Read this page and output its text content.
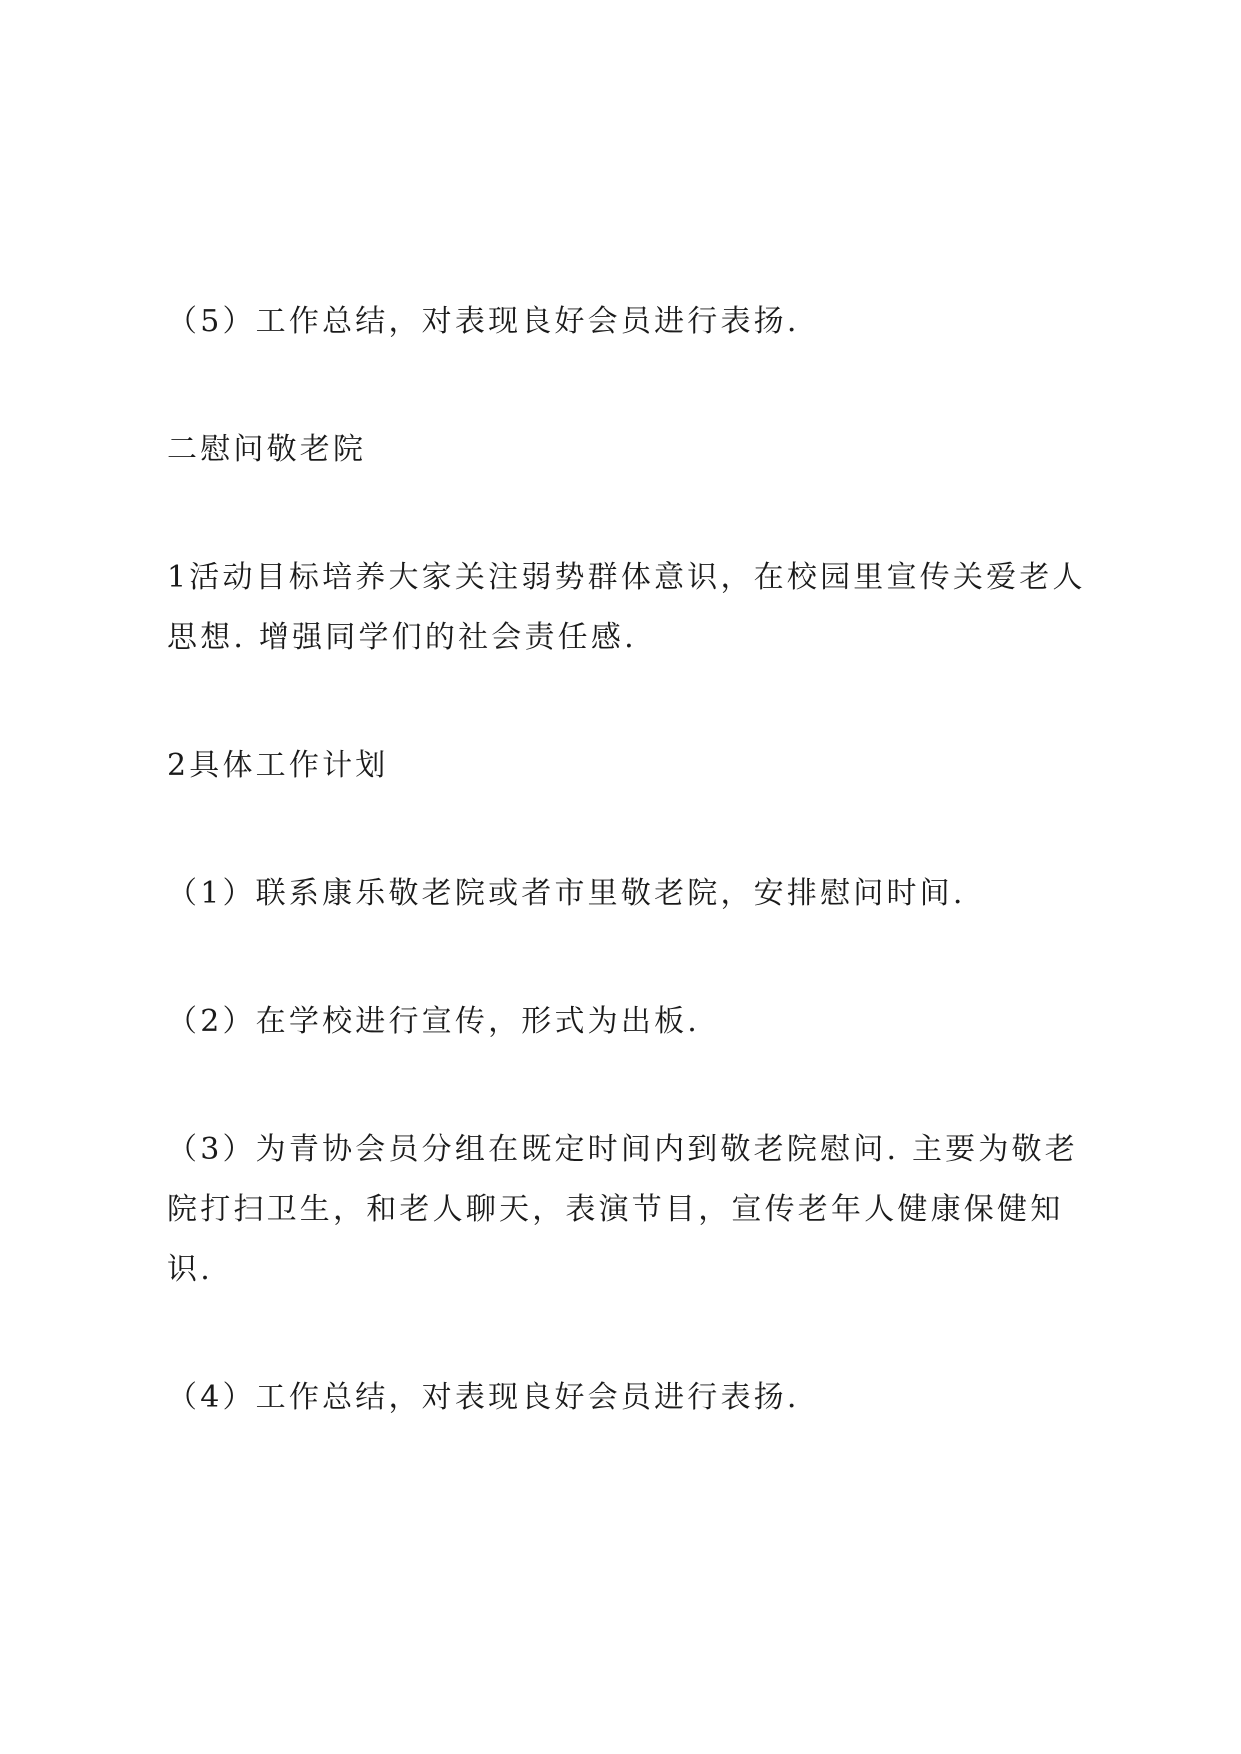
（5）工作总结，对表现良好会员进行表扬.

二慰问敬老院

1活动目标培养大家关注弱势群体意识，在校园里宣传关爱老人思想. 增强同学们的社会责任感.

2具体工作计划

（1）联系康乐敬老院或者市里敬老院，安排慰问时间.

（2）在学校进行宣传，形式为出板.

（3）为青协会员分组在既定时间内到敬老院慰问. 主要为敬老院打扫卫生，和老人聊天，表演节目，宣传老年人健康保健知识.

（4）工作总结，对表现良好会员进行表扬.
